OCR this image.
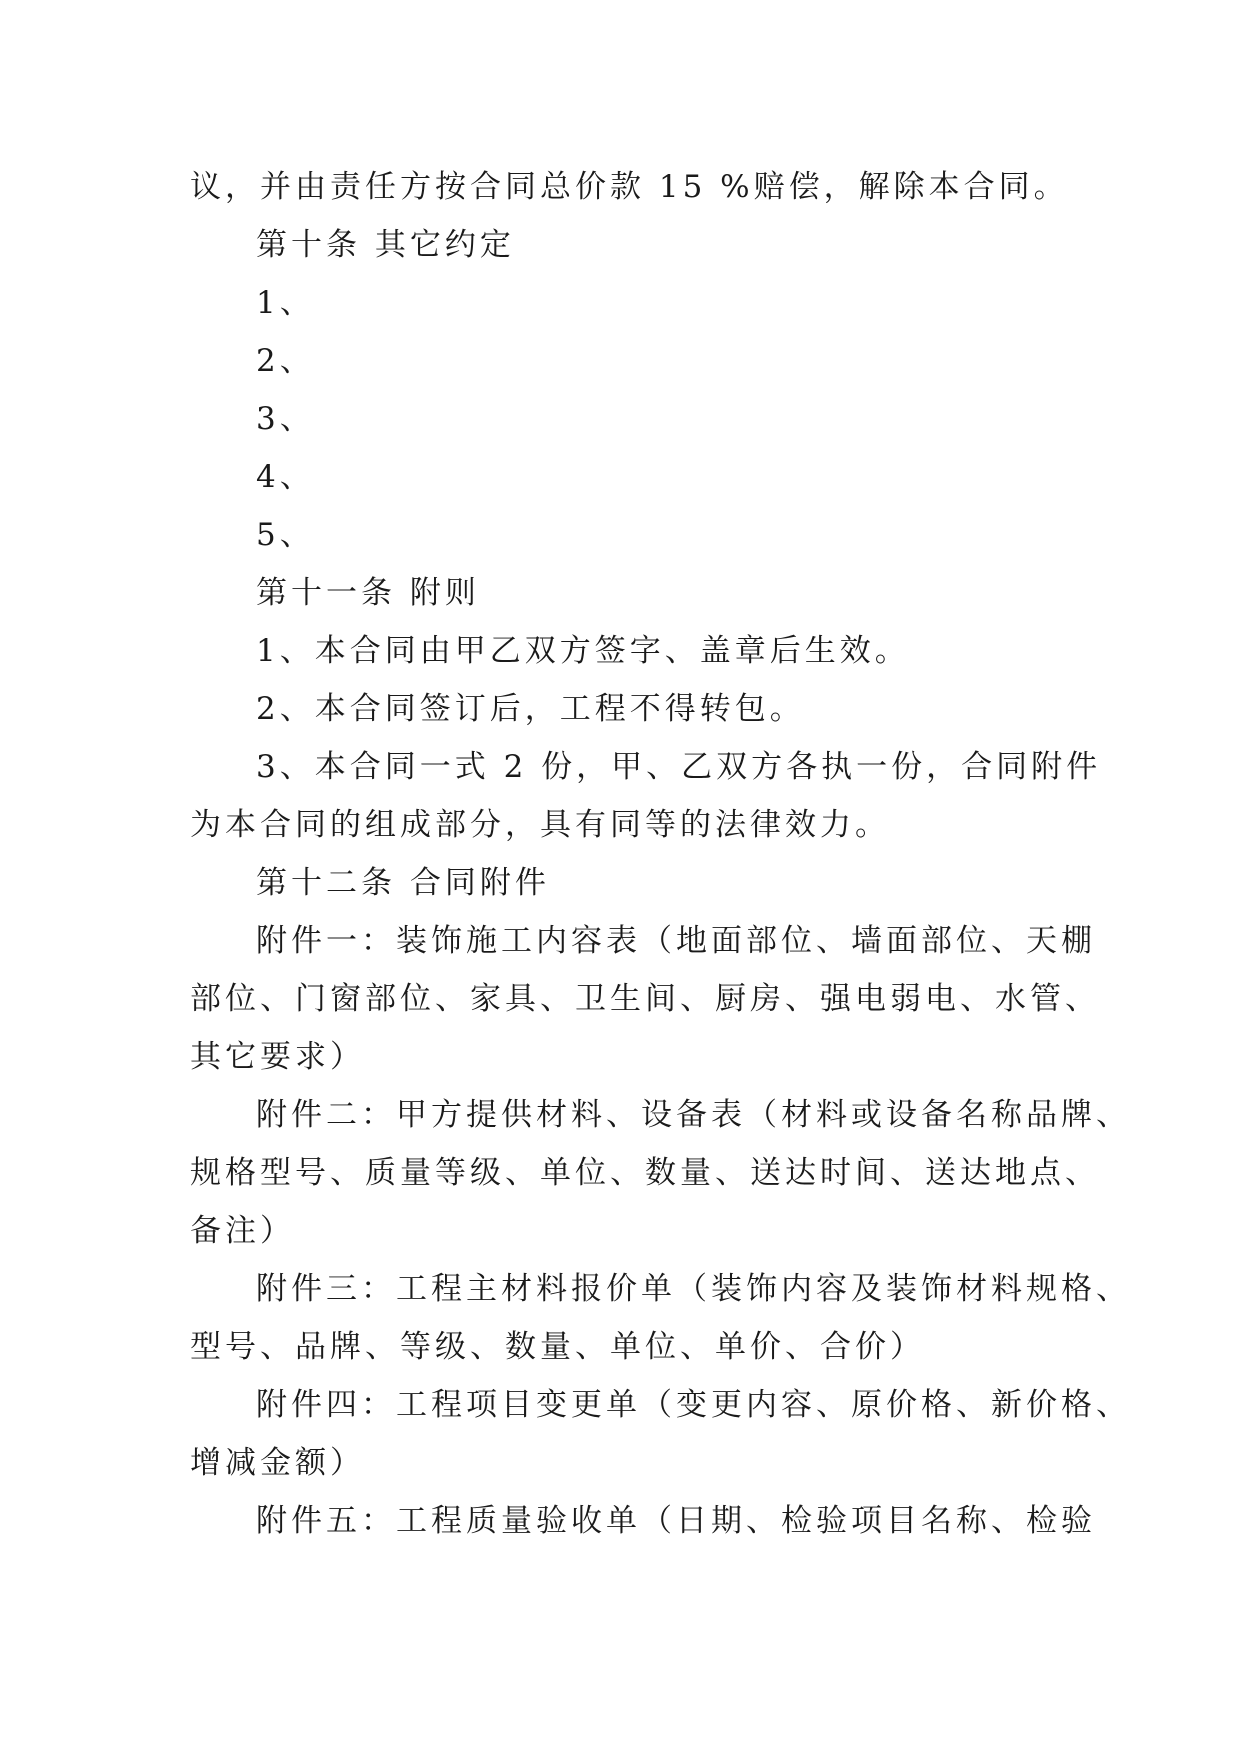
议，并由责任方按合同总价款 15 %赔偿，解除本合同。
第十条 其它约定
1、
2、
3、
4、
5、
第十一条 附则
1、本合同由甲乙双方签字、盖章后生效。
2、本合同签订后，工程不得转包。
3、本合同一式 2 份，甲、乙双方各执一份，合同附件
为本合同的组成部分，具有同等的法律效力。
第十二条 合同附件
附件一：装饰施工内容表（地面部位、墙面部位、天棚
部位、门窗部位、家具、卫生间、厨房、强电弱电、水管、
其它要求）
附件二：甲方提供材料、设备表（材料或设备名称品牌、
规格型号、质量等级、单位、数量、送达时间、送达地点、
备注）
附件三：工程主材料报价单（装饰内容及装饰材料规格、
型号、品牌、等级、数量、单位、单价、合价）
附件四：工程项目变更单（变更内容、原价格、新价格、
增减金额）
附件五：工程质量验收单（日期、检验项目名称、检验
